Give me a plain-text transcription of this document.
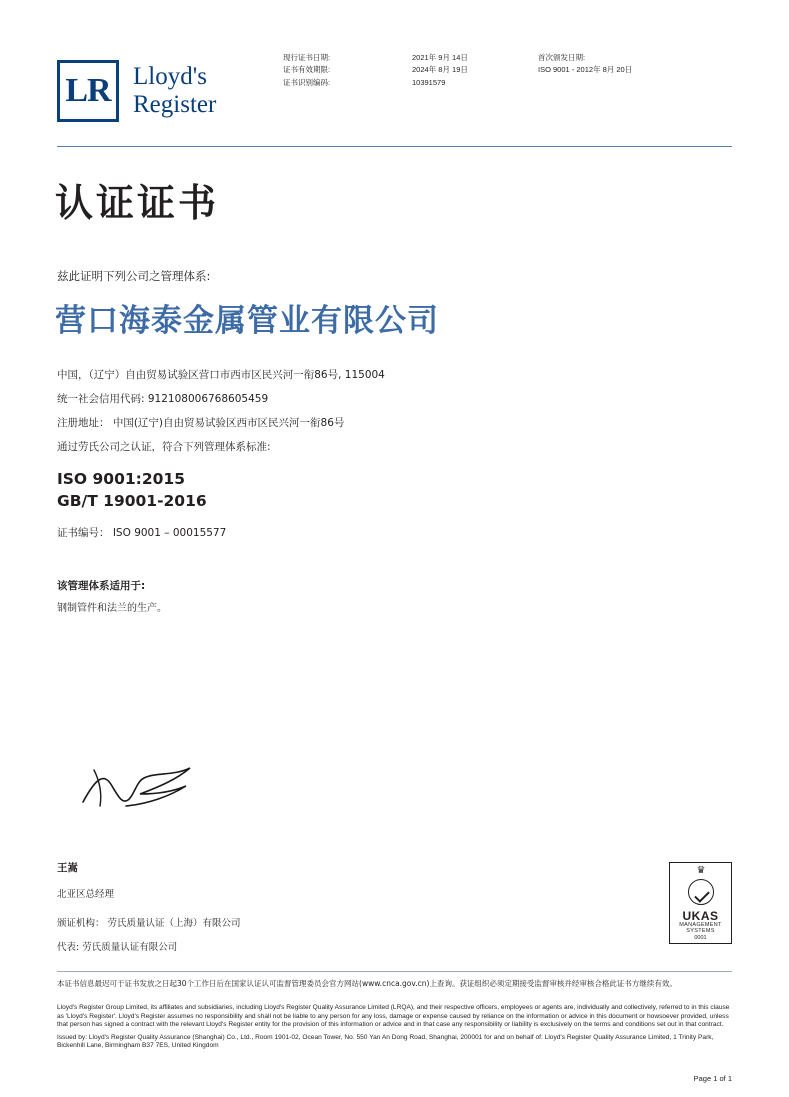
LR Lloyd's
Register
现行证书日期:
证书有效期限:
证书识别编码:
2021年 9月 14日
2024年 8月 19日
10391579
首次颁发日期:
ISO 9001 - 2012年 8月 20日
认证证书
兹此证明下列公司之管理体系:
营口海泰金属管业有限公司
中国，（辽宁）自由贸易试验区营口市西市区民兴河一衔86号, 115004
统一社会信用代码: 912108006768605459
注册地址： 中国(辽宁)自由贸易试验区西市区民兴河一衔86号
通过劳氏公司之认证，符合下列管理体系标准:
ISO 9001:2015
GB/T 19001-2016
证书编号： ISO 9001 – 00015577
该管理体系适用于:
钢制管件和法兰的生产。
王嵩
北亚区总经理
颁证机构： 劳氏质量认证（上海）有限公司
代表: 劳氏质量认证有限公司
♛
UKAS
MANAGEMENT
SYSTEMS
0001
本证书信息最迟可于证书发放之日起30个工作日后在国家认证认可监督管理委员会官方网站(www.cnca.gov.cn)上查询。获证组织必须定期接受监督审核并经审核合格此证书方继续有效。

Lloyd's Register Group Limited, its affiliates and subsidiaries, including Lloyd's Register Quality Assurance Limited (LRQA), and their respective officers, employees or agents are, individually and collectively, referred to in this clause as 'Lloyd's Register'. Lloyd's Register assumes no responsibility and shall not be liable to any person for any loss, damage or expense caused by reliance on the information or advice in this document or howsoever provided, unless that person has signed a contract with the relevant Lloyd's Register entity for the provision of this information or advice and in that case any responsibility or liability is exclusively on the terms and conditions set out in that contract.

Issued by: Lloyd's Register Quality Assurance (Shanghai) Co., Ltd., Room 1901-02, Ocean Tower, No. 550 Yan An Dong Road, Shanghai, 200001 for and on behalf of: Lloyd's Register Quality Assurance Limited, 1 Trinity Park, Bickenhill Lane, Birmingham B37 7ES, United Kingdom

Page 1 of 1
